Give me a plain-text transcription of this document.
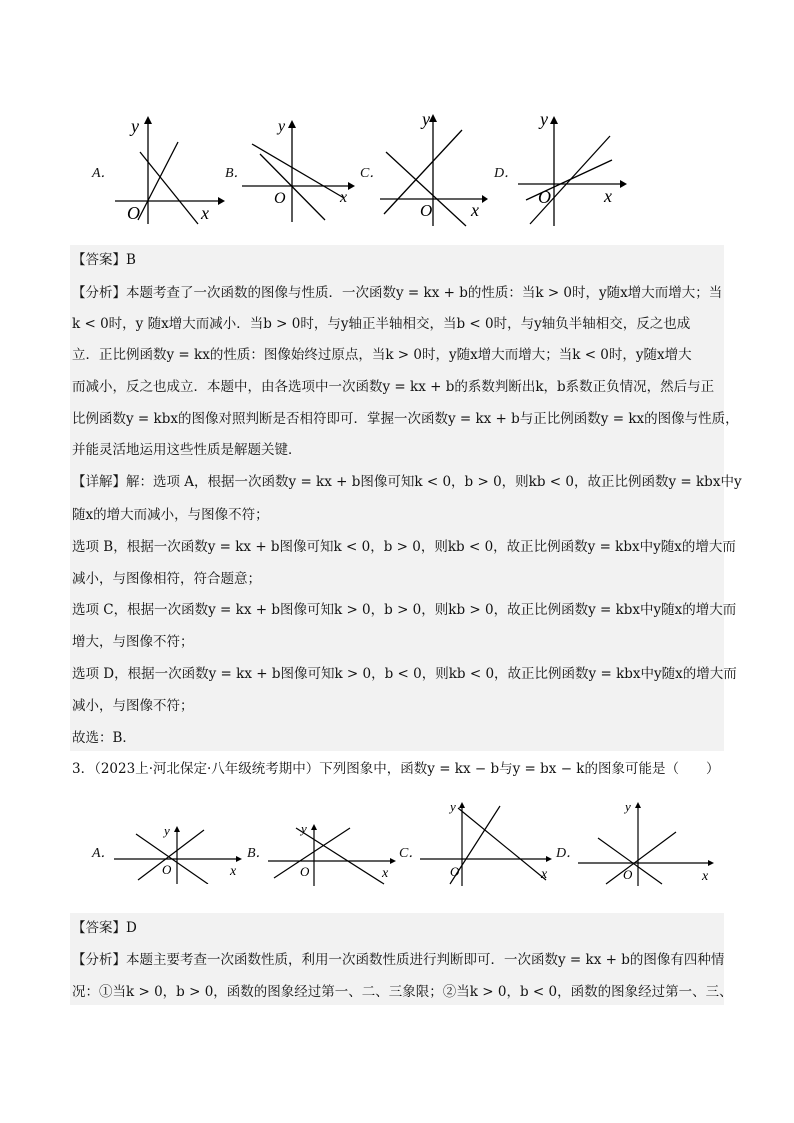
A．
y
x
O
B．
y
x
O
C．
y
x
O
D．
y
x
O
【答案】B
【分析】本题考查了一次函数的图像与性质．一次函数y = kx + b的性质：当k > 0时，y随x增大而增大；当
k < 0时，y 随x增大而减小．当b > 0时，与y轴正半轴相交，当b < 0时，与y轴负半轴相交，反之也成
立．正比例函数y = kx的性质：图像始终过原点，当k > 0时，y随x增大而增大；当k < 0时，y随x增大
而减小，反之也成立．本题中，由各选项中一次函数y = kx + b的系数判断出k，b系数正负情况，然后与正
比例函数y = kbx的图像对照判断是否相符即可．掌握一次函数y = kx + b与正比例函数y = kx的图像与性质，
并能灵活地运用这些性质是解题关键．
【详解】解：选项 A，根据一次函数y = kx + b图像可知k < 0，b > 0，则kb < 0，故正比例函数y = kbx中y
随x的增大而减小，与图像不符；
选项 B，根据一次函数y = kx + b图像可知k < 0，b > 0，则kb < 0，故正比例函数y = kbx中y随x的增大而
减小，与图像相符，符合题意；
选项 C，根据一次函数y = kx + b图像可知k > 0，b > 0，则kb > 0，故正比例函数y = kbx中y随x的增大而
增大，与图像不符；
选项 D，根据一次函数y = kx + b图像可知k > 0，b < 0，则kb < 0，故正比例函数y = kbx中y随x的增大而
减小，与图像不符；
故选：B．
3．（2023上·河北保定·八年级统考期中）下列图象中，函数y = kx − b与y = bx − k的图象可能是（　　）
A．
y
x
O
B．
y
x
O
C．
y
x
O
D．
y
x
O
【答案】D
【分析】本题主要考查一次函数性质，利用一次函数性质进行判断即可．一次函数y = kx + b的图像有四种情
况：①当k > 0，b > 0，函数的图象经过第一、二、三象限；②当k > 0，b < 0，函数的图象经过第一、三、
